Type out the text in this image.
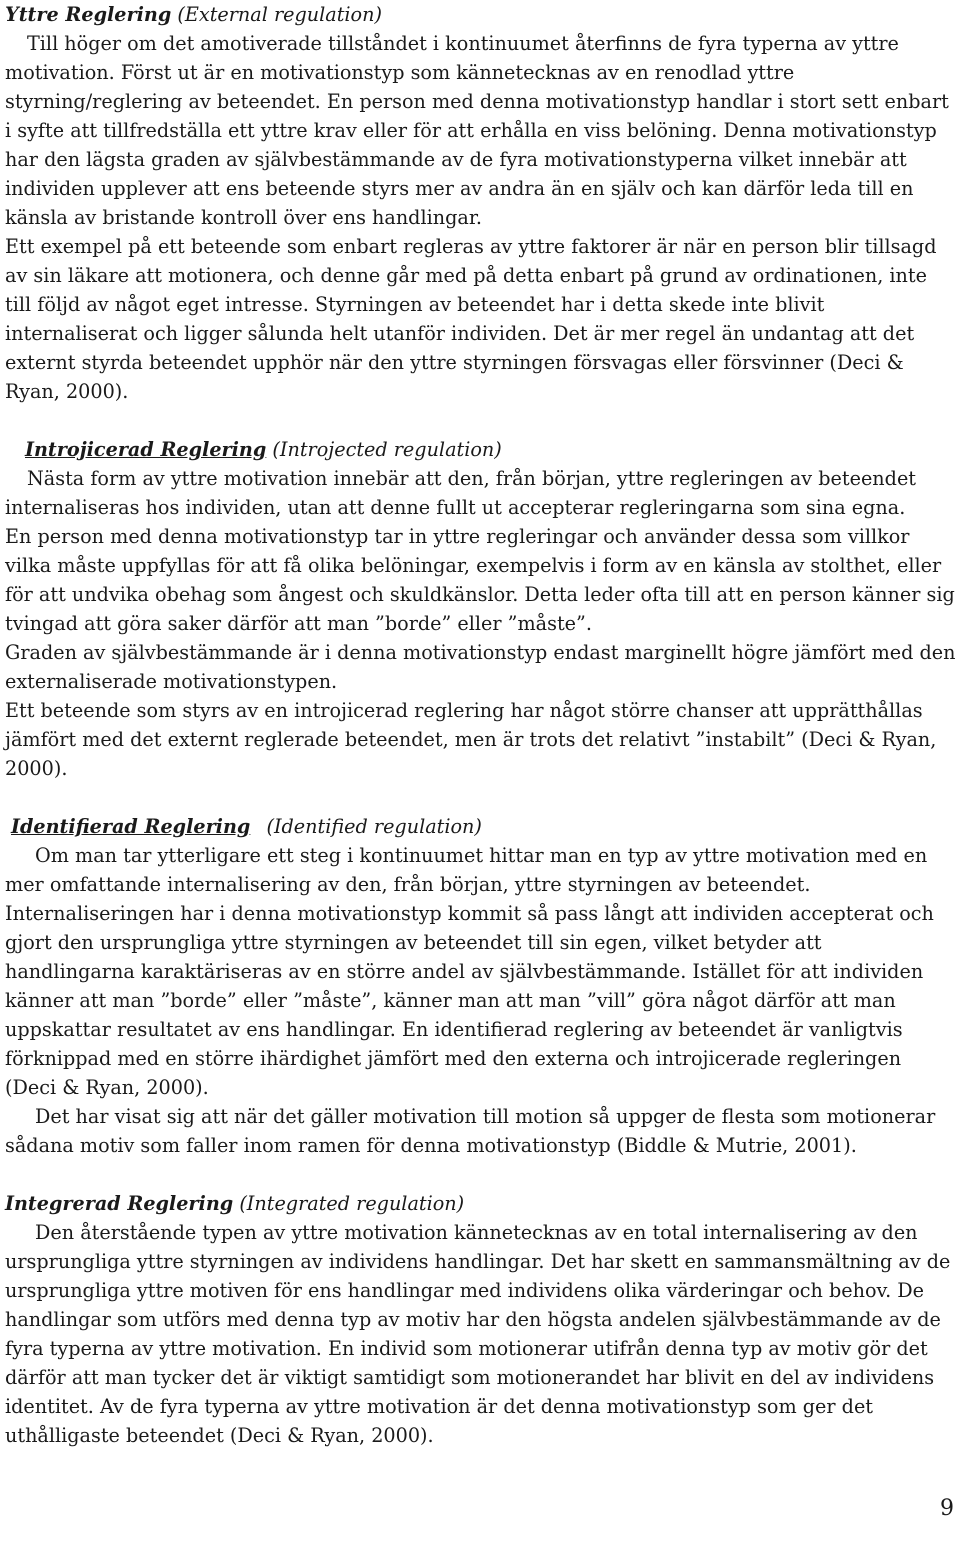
Yttre Reglering (External regulation)

Till höger om det amotiverade tillståndet i kontinuumet återfinns de fyra typerna av yttre motivation. Först ut är en motivationstyp som kännetecknas av en renodlad yttre styrning/reglering av beteendet. En person med denna motivationstyp handlar i stort sett enbart i syfte att tillfredställa ett yttre krav eller för att erhålla en viss belöning. Denna motivationstyp har den lägsta graden av självbestämmande av de fyra motivationstyperna vilket innebär att individen upplever att ens beteende styrs mer av andra än en själv och kan därför leda till en känsla av bristande kontroll över ens handlingar.

Ett exempel på ett beteende som enbart regleras av yttre faktorer är när en person blir tillsagd av sin läkare att motionera, och denne går med på detta enbart på grund av ordinationen, inte till följd av något eget intresse. Styrningen av beteendet har i detta skede inte blivit internaliserat och ligger sålunda helt utanför individen. Det är mer regel än undantag att det externt styrda beteendet upphör när den yttre styrningen försvagas eller försvinner (Deci & Ryan, 2000).

Introjicerad Reglering (Introjected regulation)

Nästa form av yttre motivation innebär att den, från början, yttre regleringen av beteendet internaliseras hos individen, utan att denne fullt ut accepterar regleringarna som sina egna.

En person med denna motivationstyp tar in yttre regleringar och använder dessa som villkor vilka måste uppfyllas för att få olika belöningar, exempelvis i form av en känsla av stolthet, eller för att undvika obehag som ångest och skuldkänslor. Detta leder ofta till att en person känner sig tvingad att göra saker därför att man ”borde” eller ”måste”.

Graden av självbestämmande är i denna motivationstyp endast marginellt högre jämfört med den externaliserade motivationstypen.

Ett beteende som styrs av en introjicerad reglering har något större chanser att upprätthållas jämfört med det externt reglerade beteendet, men är trots det relativt ”instabilt” (Deci & Ryan, 2000).

Identifierad Reglering (Identified regulation)

Om man tar ytterligare ett steg i kontinuumet hittar man en typ av yttre motivation med en mer omfattande internalisering av den, från början, yttre styrningen av beteendet.

Internaliseringen har i denna motivationstyp kommit så pass långt att individen accepterat och gjort den ursprungliga yttre styrningen av beteendet till sin egen, vilket betyder att handlingarna karaktäriseras av en större andel av självbestämmande. Istället för att individen känner att man ”borde” eller ”måste”, känner man att man ”vill” göra något därför att man uppskattar resultatet av ens handlingar. En identifierad reglering av beteendet är vanligtvis förknippad med en större ihärdighet jämfört med den externa och introjicerade regleringen (Deci & Ryan, 2000).

Det har visat sig att när det gäller motivation till motion så uppger de flesta som motionerar sådana motiv som faller inom ramen för denna motivationstyp (Biddle & Mutrie, 2001).

Integrerad Reglering (Integrated regulation)

Den återstående typen av yttre motivation kännetecknas av en total internalisering av den ursprungliga yttre styrningen av individens handlingar. Det har skett en sammansmältning av de ursprungliga yttre motiven för ens handlingar med individens olika värderingar och behov. De handlingar som utförs med denna typ av motiv har den högsta andelen självbestämmande av de fyra typerna av yttre motivation. En individ som motionerar utifrån denna typ av motiv gör det därför att man tycker det är viktigt samtidigt som motionerandet har blivit en del av individens identitet. Av de fyra typerna av yttre motivation är det denna motivationstyp som ger det uthålligaste beteendet (Deci & Ryan, 2000).

9
